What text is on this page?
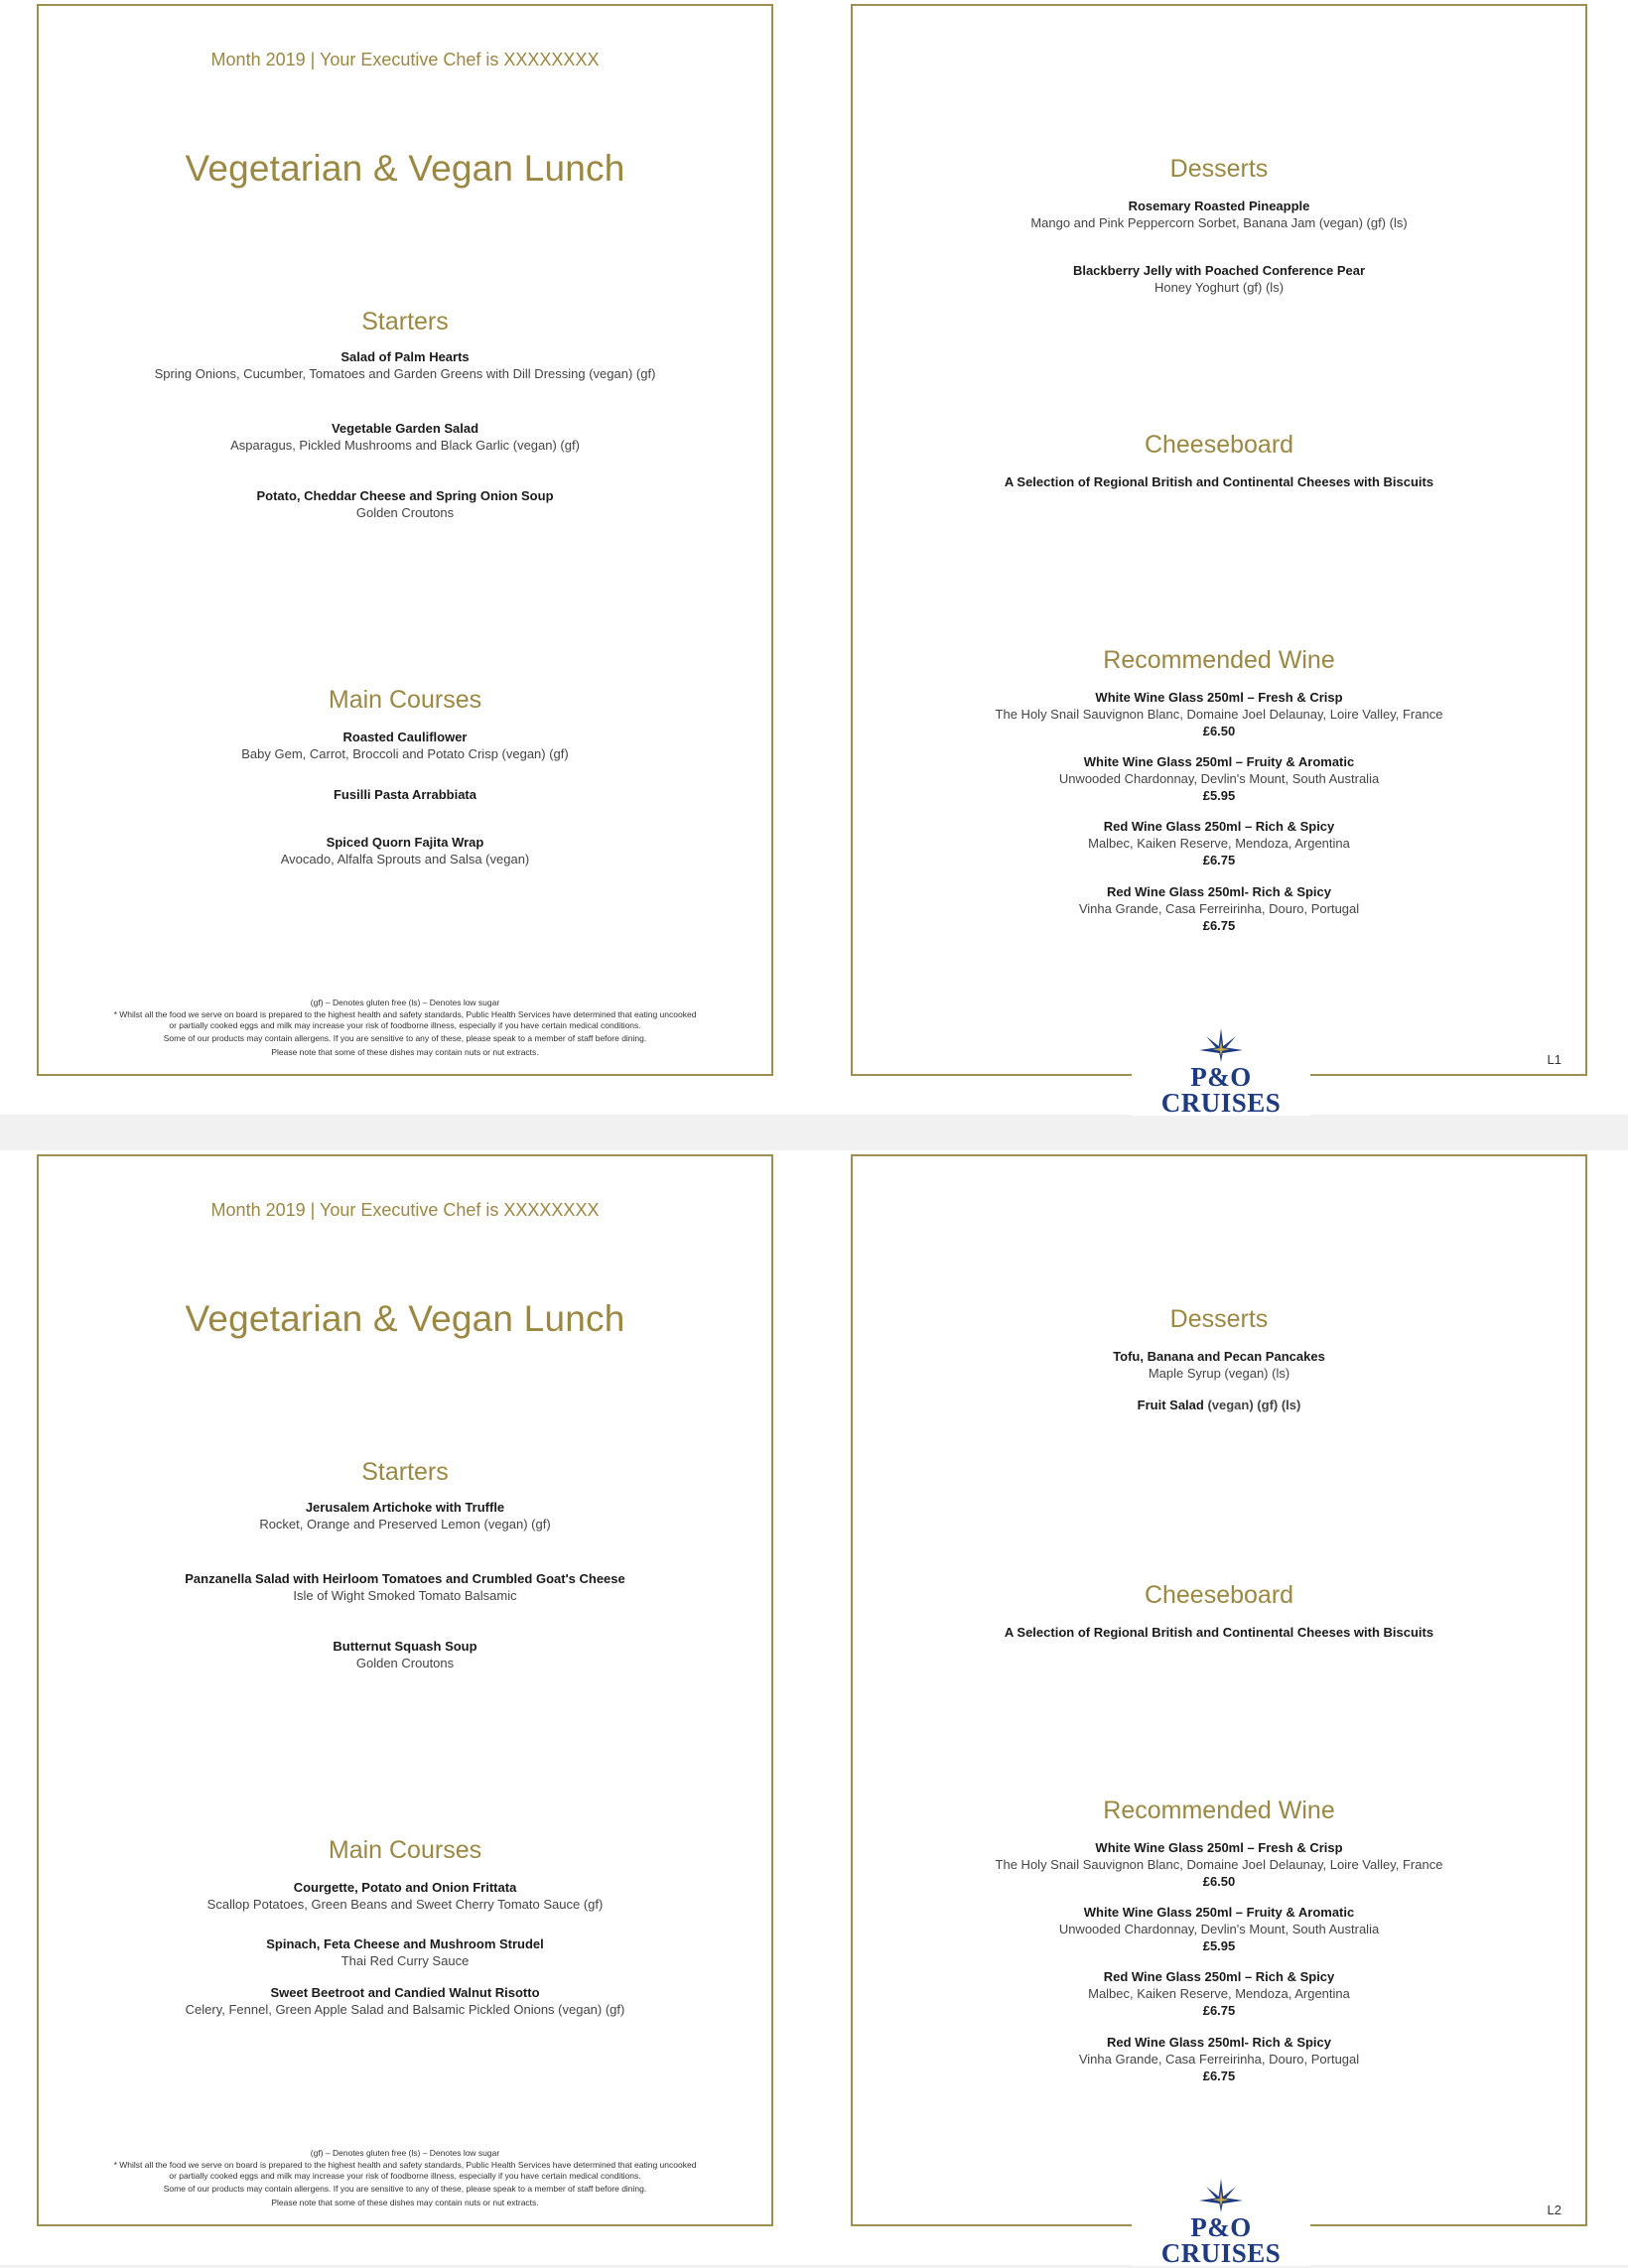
Month 2019 | Your Executive Chef is XXXXXXXX
Vegetarian & Vegan Lunch
Starters
Salad of Palm Hearts
Spring Onions, Cucumber, Tomatoes and Garden Greens with Dill Dressing (vegan) (gf)
Vegetable Garden Salad
Asparagus, Pickled Mushrooms and Black Garlic (vegan) (gf)
Potato, Cheddar Cheese and Spring Onion Soup
Golden Croutons
Main Courses
Roasted Cauliflower
Baby Gem, Carrot, Broccoli and Potato Crisp (vegan) (gf)
Fusilli Pasta Arrabbiata
Spiced Quorn Fajita Wrap
Avocado, Alfalfa Sprouts and Salsa (vegan)
(gf) – Denotes gluten free (ls) – Denotes low sugar
* Whilst all the food we serve on board is prepared to the highest health and safety standards, Public Health Services have determined that eating uncooked
or partially cooked eggs and milk may increase your risk of foodborne illness, especially if you have certain medical conditions.
Some of our products may contain allergens. If you are sensitive to any of these, please speak to a member of staff before dining.
Please note that some of these dishes may contain nuts or nut extracts.
Desserts
Rosemary Roasted Pineapple
Mango and Pink Peppercorn Sorbet, Banana Jam (vegan) (gf) (ls)
Blackberry Jelly with Poached Conference Pear
Honey Yoghurt (gf) (ls)
Cheeseboard
A Selection of Regional British and Continental Cheeses with Biscuits
Recommended Wine
White Wine Glass 250ml – Fresh & Crisp
The Holy Snail Sauvignon Blanc, Domaine Joel Delaunay, Loire Valley, France
£6.50
White Wine Glass 250ml – Fruity & Aromatic
Unwooded Chardonnay, Devlin's Mount, South Australia
£5.95
Red Wine Glass 250ml – Rich & Spicy
Malbec, Kaiken Reserve, Mendoza, Argentina
£6.75
Red Wine Glass 250ml- Rich & Spicy
Vinha Grande, Casa Ferreirinha, Douro, Portugal
£6.75
L1
P&O CRUISES
Month 2019 | Your Executive Chef is XXXXXXXX
Vegetarian & Vegan Lunch
Starters
Jerusalem Artichoke with Truffle
Rocket, Orange and Preserved Lemon (vegan) (gf)
Panzanella Salad with Heirloom Tomatoes and Crumbled Goat's Cheese
Isle of Wight Smoked Tomato Balsamic
Butternut Squash Soup
Golden Croutons
Main Courses
Courgette, Potato and Onion Frittata
Scallop Potatoes, Green Beans and Sweet Cherry Tomato Sauce (gf)
Spinach, Feta Cheese and Mushroom Strudel
Thai Red Curry Sauce
Sweet Beetroot and Candied Walnut Risotto
Celery, Fennel, Green Apple Salad and Balsamic Pickled Onions (vegan) (gf)
(gf) – Denotes gluten free (ls) – Denotes low sugar
* Whilst all the food we serve on board is prepared to the highest health and safety standards, Public Health Services have determined that eating uncooked
or partially cooked eggs and milk may increase your risk of foodborne illness, especially if you have certain medical conditions.
Some of our products may contain allergens. If you are sensitive to any of these, please speak to a member of staff before dining.
Please note that some of these dishes may contain nuts or nut extracts.
Desserts
Tofu, Banana and Pecan Pancakes
Maple Syrup (vegan) (ls)
Fruit Salad (vegan) (gf) (ls)
Cheeseboard
A Selection of Regional British and Continental Cheeses with Biscuits
Recommended Wine
White Wine Glass 250ml – Fresh & Crisp
The Holy Snail Sauvignon Blanc, Domaine Joel Delaunay, Loire Valley, France
£6.50
White Wine Glass 250ml – Fruity & Aromatic
Unwooded Chardonnay, Devlin's Mount, South Australia
£5.95
Red Wine Glass 250ml – Rich & Spicy
Malbec, Kaiken Reserve, Mendoza, Argentina
£6.75
Red Wine Glass 250ml- Rich & Spicy
Vinha Grande, Casa Ferreirinha, Douro, Portugal
£6.75
L2
P&O CRUISES
